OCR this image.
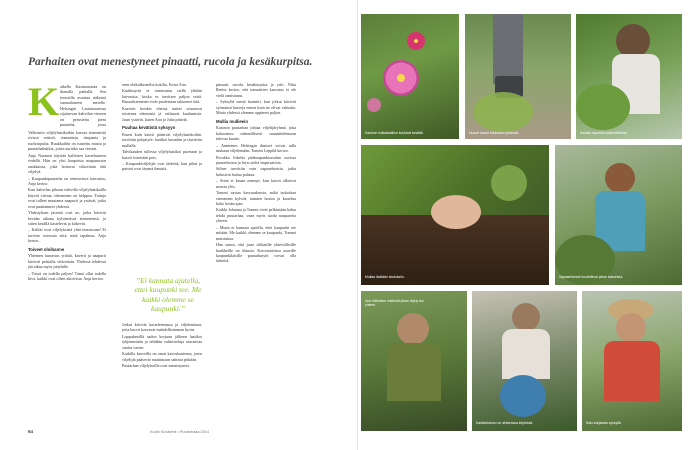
Parhaiten ovat menestyneet pinaatti, rucola ja kesäkurpitsa.
K aikella Kasinonranta on ihanalla paikalla. Sen terassilla avautuu näkymä suomalaiseen merelle. Helsingin Lauttasaaressa sijaitsevan kahvilan viereen on perustettu pieni puutarha, jossa

Valkoisiin viljelylaatikoihin kasvaa siemenistä rivissä rettisiä, tomaatteja, timjamia ja ruohosipulia. Ruukkuihin on istutettu matoa ja puutarhakukkia, joista aurinko saa vieraat.

Anja Naranen käyttää kaffeisen kasteluaseen vedellä. Hän on yksi kaupoista naapuruston asukkaista, joka hoitavat viikoittain tätä viljelyä.

– Kaupunkipuutarha on rentouttava harrastus, Anja kertoo.

Kun kahvilan pihaan tulevilla viljelylaatikoilla käyvät vieraat, tekeminen on helppoa. Tuttuja ovat tulleet muutama naapurit ja ystävät, jotka ovat puuhanneet yhdessä.

Yhdistyksen jäseniä ovat ne, jotka kävivät kevään aikana kylvämässä siemenensä, ja sitten kesällä kastelevat ja kitkevät.

– Kaikki ovat viljelyksistä yhtä innoissaan! Ei tarvitse stressata siitä, mitä tapahtuu, Anja kertoo.

Toiveet oloihanne

Yhteinen harrastus yrittää, kaverit ja naapurit kävivät palstalla viikoittain. Yhdessä tehdessä jää aikaa myös juttelulle.

– Tässä on todella paljon! Tämä ollut todella kiva, kaikki ovat olleet aktiivisia, Anja kertoo.

seen ohikulkeneelta kokilta, Keira Aira.

Kurkkuyrtti ei onnistunut siellä ylttään kuivuutta, koska se tarvitsee paljon vettä. Basaalisiemenet eivät puolestaan tahtoneet itää.

Kasvien hoidon ohessa naiset seuraavat toistensa tekemisiä ja vaihtavat kuulumisia. Juuri ystävät, kuten Aira ja Juha pitävät.

Puuhaa kevätistä syksyyn

Ensen kuin kasvit pääsivät viljelylaatikoihin, tarvittiin pohjatyöt: laatikot kasattiin ja täytettiin mullalla.

Talvikauden tullessa viljelylaatikot puretaan ja kasvit siirretään pois.

– Kaupunkiviljelijät ovat tärkeitä, kun pihat ja puistot ovat täynnä ihmisiä.

”Ei kannata ajatella, ettei kaupunki tee. Me kaikki olemme se kaupunki.”

Jotkut kävivät kasteleemassa ja viljelemässä, jotta kasvit kasvavat mahdollisimman hyvin.

Loppukesällä sadon korjuun jälkeen laatikot tyhjennetään ja tehdään valmisteluja seuraavaa vuotta varten.

Kaikilla kasveilla on omat kasvukautensa, joten viljelijät pääsevät nauttimaan sadosta pitkään.

Puutarhan viljelykoilla ovat menestyneet

pinaatti, rucola, kesäkurpitsa ja yrtit. Niita Reetta kertoo, että tomaattien kasvatus ei ole vielä onnistunut.

– Syksyllä meitä harmitti, kun jotkut kävivät syömässä kasveja ennen kuin ne olivat valmiita. Mutta yhdessä olemme oppineet paljon.

Mullia mullieein

Kasinon puutarhaa johtaa viljelijäryhmä, joka kokoontuu säännöllisesti suunnittelemaan tulevaa kautta.

– Anniemes Helsingin ihmiset voivat tulla mukaan viljelemään, Tommi Leppilä kertoo.

Porukka liikehti pääkaupunkiseudun useissa puutarhoissa ja löysi sieltä inspiraatiota.

Siihen tarvittiin vain vapaaehtoisia, jotka halusivat hoitaa palstaa.

– Siinä ei kauan mennyt, kun kasvit alkoivat nousta ylös.

Tommi vastaa kasvatuksesta, mikä tarkoittaa siemenien kylvöä, taimien hoitoa ja kastelua koko kesän ajan.

Kaikki Johanna ja Tommi eivät pelkästään halua tehdä puutarhaa, vaan myös tuoda naapureita yhteen.

– Mutta ei kannata ajatella, ettei kaupunki tee mitään. Me kaikki olemme se kaupunki, Tommi muistuttaa.

Hän sanoo, että juuri tällaisille yhteisöllisille hankkeille on tilausta. Kerrostaloissa asuville kaupunkilaisille puutarhatyöt voivat olla tärkeitä.

64	Kodin Kuvalehti • Puutarhaaa 2014
Kasinon kukkalaatikot kukkivat kesällä.	Nuoret kasvit hoidetaan yhdessä.	Kastelu tapahtuu säännöllisesti.
Multaa lisätään istutuksiin.	Vapaaehtoiset huolehtivat pihan kasveista.
Aira Välimäen mielestä pihan viljely tuo yhteen.
Kastelukannu on ahkerassa käytössä.	Sato korjataan syksyllä.
